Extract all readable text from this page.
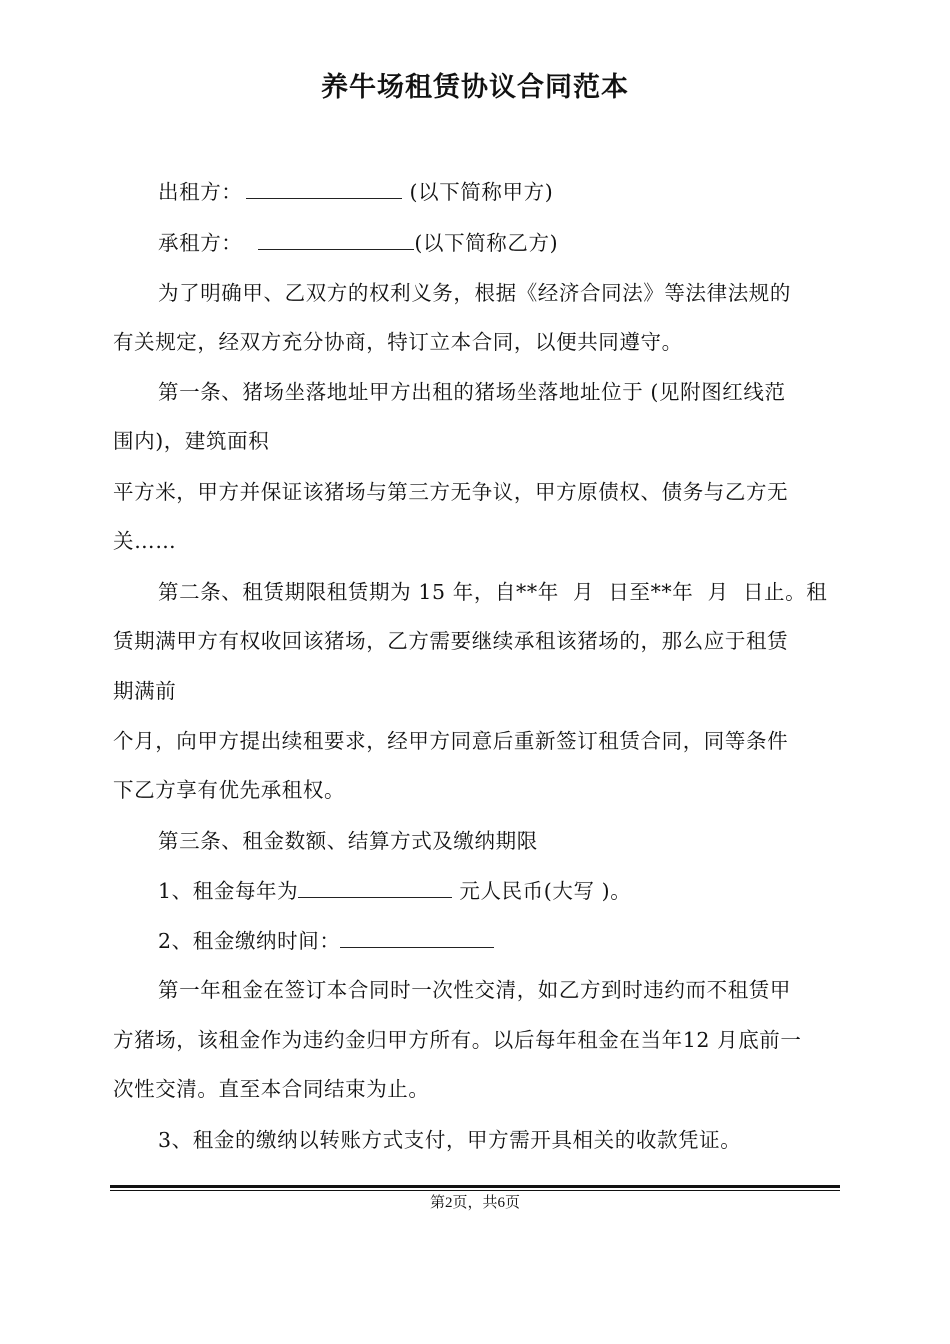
养牛场租赁协议合同范本
出租方：	(以下简称甲方)
承租方：	(以下简称乙方)
为了明确甲、乙双方的权利义务，根据《经济合同法》等法律法规的
有关规定，经双方充分协商，特订立本合同，以便共同遵守。
第一条、猪场坐落地址甲方出租的猪场坐落地址位于 (见附图红线范
围内)，建筑面积
平方米，甲方并保证该猪场与第三方无争议，甲方原债权、债务与乙方无
关……
第二条、租赁期限租赁期为 15 年，自**年  月  日至**年  月  日止。租
赁期满甲方有权收回该猪场，乙方需要继续承租该猪场的，那么应于租赁
期满前
个月，向甲方提出续租要求，经甲方同意后重新签订租赁合同，同等条件
下乙方享有优先承租权。
第三条、租金数额、结算方式及缴纳期限
1、租金每年为	元人民币(大写 )。
2、租金缴纳时间：
第一年租金在签订本合同时一次性交清，如乙方到时违约而不租赁甲
方猪场，该租金作为违约金归甲方所有。以后每年租金在当年12 月底前一
次性交清。直至本合同结束为止。
3、租金的缴纳以转账方式支付，甲方需开具相关的收款凭证。
第2页，共6页
